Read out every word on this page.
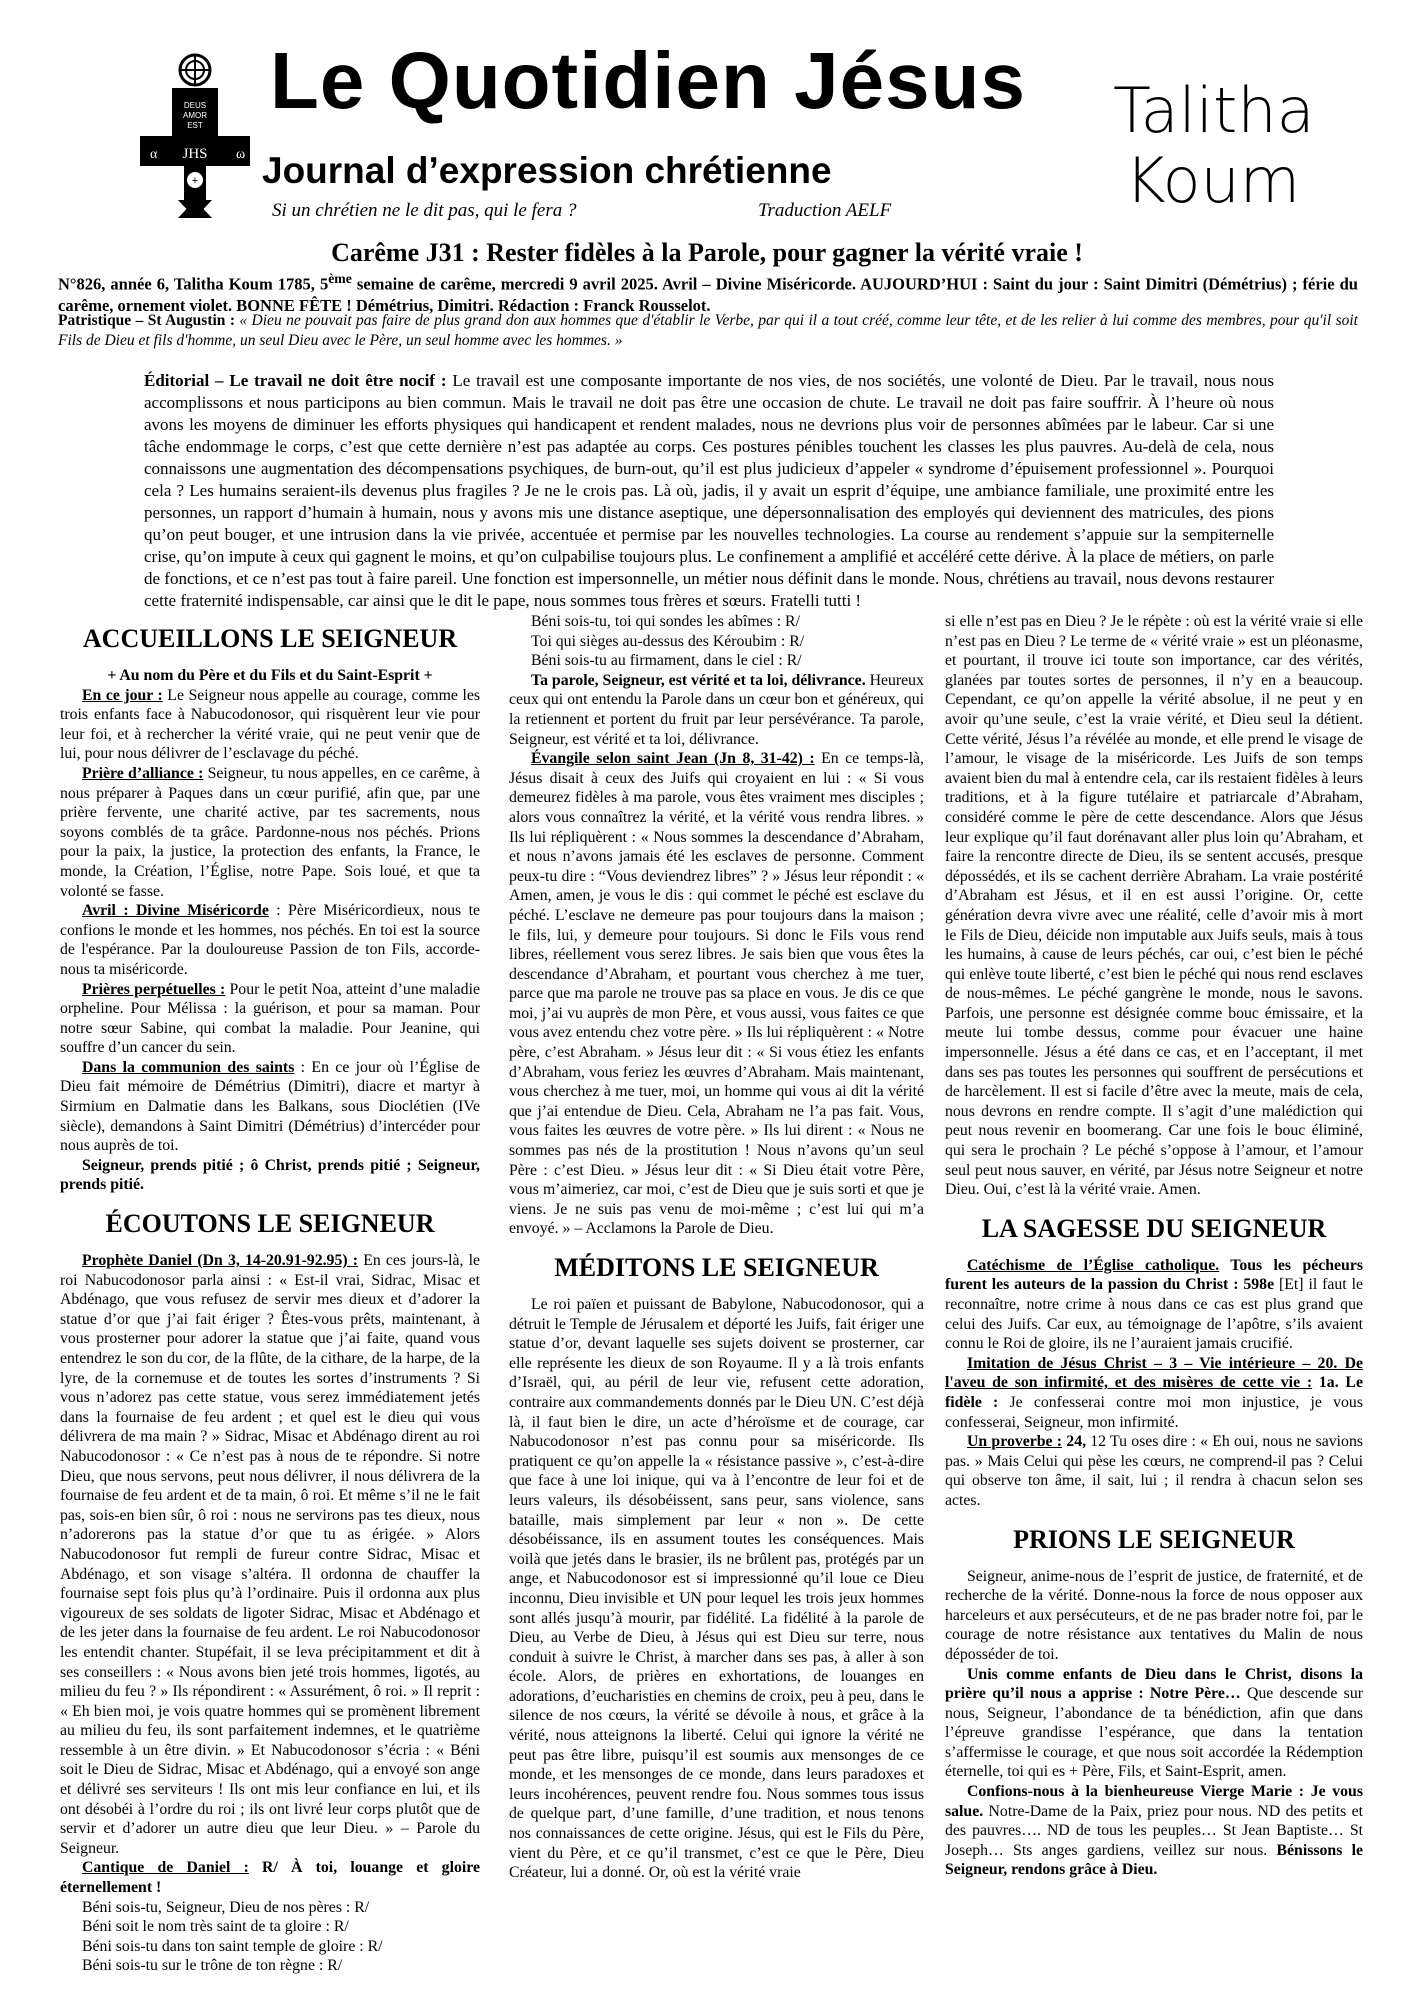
DEUS
AMOR
EST
α JHS ω
+
Le Quotidien Jésus
Journal d’expression chrétienne
Si un chrétien ne le dit pas, qui le fera ?	Traduction AELF
Talitha
Koum
Carême J31 : Rester fidèles à la Parole, pour gagner la vérité vraie !
N°826, année 6, Talitha Koum 1785, 5ème semaine de carême, mercredi 9 avril 2025. Avril – Divine Miséricorde. AUJOURD’HUI : Saint du jour : Saint Dimitri (Démétrius) ; férie du carême, ornement violet. BONNE FÊTE ! Démétrius, Dimitri. Rédaction : Franck Rousselot.
Patristique – St Augustin : « Dieu ne pouvait pas faire de plus grand don aux hommes que d'établir le Verbe, par qui il a tout créé, comme leur tête, et de les relier à lui comme des membres, pour qu'il soit Fils de Dieu et fils d'homme, un seul Dieu avec le Père, un seul homme avec les hommes. »
Éditorial – Le travail ne doit être nocif : Le travail est une composante importante de nos vies, de nos sociétés, une volonté de Dieu. Par le travail, nous nous accomplissons et nous participons au bien commun. Mais le travail ne doit pas être une occasion de chute. Le travail ne doit pas faire souffrir. À l’heure où nous avons les moyens de diminuer les efforts physiques qui handicapent et rendent malades, nous ne devrions plus voir de personnes abîmées par le labeur. Car si une tâche endommage le corps, c’est que cette dernière n’est pas adaptée au corps. Ces postures pénibles touchent les classes les plus pauvres. Au-delà de cela, nous connaissons une augmentation des décompensations psychiques, de burn-out, qu’il est plus judicieux d’appeler « syndrome d’épuisement professionnel ». Pourquoi cela ? Les humains seraient-ils devenus plus fragiles ? Je ne le crois pas. Là où, jadis, il y avait un esprit d’équipe, une ambiance familiale, une proximité entre les personnes, un rapport d’humain à humain, nous y avons mis une distance aseptique, une dépersonnalisation des employés qui deviennent des matricules, des pions qu’on peut bouger, et une intrusion dans la vie privée, accentuée et permise par les nouvelles technologies. La course au rendement s’appuie sur la sempiternelle crise, qu’on impute à ceux qui gagnent le moins, et qu’on culpabilise toujours plus. Le confinement a amplifié et accéléré cette dérive. À la place de métiers, on parle de fonctions, et ce n’est pas tout à faire pareil. Une fonction est impersonnelle, un métier nous définit dans le monde. Nous, chrétiens au travail, nous devons restaurer cette fraternité indispensable, car ainsi que le dit le pape, nous sommes tous frères et sœurs. Fratelli tutti !
ACCUEILLONS LE SEIGNEUR

+ Au nom du Père et du Fils et du Saint-Esprit +

En ce jour : Le Seigneur nous appelle au courage, comme les trois enfants face à Nabucodonosor, qui risquèrent leur vie pour leur foi, et à rechercher la vérité vraie, qui ne peut venir que de lui, pour nous délivrer de l’esclavage du péché.

Prière d’alliance : Seigneur, tu nous appelles, en ce carême, à nous préparer à Paques dans un cœur purifié, afin que, par une prière fervente, une charité active, par tes sacrements, nous soyons comblés de ta grâce. Pardonne-nous nos péchés. Prions pour la paix, la justice, la protection des enfants, la France, le monde, la Création, l’Église, notre Pape. Sois loué, et que ta volonté se fasse.

Avril : Divine Miséricorde : Père Miséricordieux, nous te confions le monde et les hommes, nos péchés. En toi est la source de l'espérance. Par la douloureuse Passion de ton Fils, accorde-nous ta miséricorde.

Prières perpétuelles : Pour le petit Noa, atteint d’une maladie orpheline. Pour Mélissa : la guérison, et pour sa maman. Pour notre sœur Sabine, qui combat la maladie. Pour Jeanine, qui souffre d’un cancer du sein.

Dans la communion des saints : En ce jour où l’Église de Dieu fait mémoire de Démétrius (Dimitri), diacre et martyr à Sirmium en Dalmatie dans les Balkans, sous Dioclétien (IVe siècle), demandons à Saint Dimitri (Démétrius) d’intercéder pour nous auprès de toi.

Seigneur, prends pitié ; ô Christ, prends pitié ; Seigneur, prends pitié.

ÉCOUTONS LE SEIGNEUR

Prophète Daniel (Dn 3, 14-20.91-92.95) : En ces jours-là, le roi Nabucodonosor parla ainsi : « Est-il vrai, Sidrac, Misac et Abdénago, que vous refusez de servir mes dieux et d’adorer la statue d’or que j’ai fait ériger ? Êtes-vous prêts, maintenant, à vous prosterner pour adorer la statue que j’ai faite, quand vous entendrez le son du cor, de la flûte, de la cithare, de la harpe, de la lyre, de la cornemuse et de toutes les sortes d’instruments ? Si vous n’adorez pas cette statue, vous serez immédiatement jetés dans la fournaise de feu ardent ; et quel est le dieu qui vous délivrera de ma main ? » Sidrac, Misac et Abdénago dirent au roi Nabucodonosor : « Ce n’est pas à nous de te répondre. Si notre Dieu, que nous servons, peut nous délivrer, il nous délivrera de la fournaise de feu ardent et de ta main, ô roi. Et même s’il ne le fait pas, sois-en bien sûr, ô roi : nous ne servirons pas tes dieux, nous n’adorerons pas la statue d’or que tu as érigée. » Alors Nabucodonosor fut rempli de fureur contre Sidrac, Misac et Abdénago, et son visage s’altéra. Il ordonna de chauffer la fournaise sept fois plus qu’à l’ordinaire. Puis il ordonna aux plus vigoureux de ses soldats de ligoter Sidrac, Misac et Abdénago et de les jeter dans la fournaise de feu ardent. Le roi Nabucodonosor les entendit chanter. Stupéfait, il se leva précipitamment et dit à ses conseillers : « Nous avons bien jeté trois hommes, ligotés, au milieu du feu ? » Ils répondirent : « Assurément, ô roi. » Il reprit : « Eh bien moi, je vois quatre hommes qui se promènent librement au milieu du feu, ils sont parfaitement indemnes, et le quatrième ressemble à un être divin. » Et Nabucodonosor s’écria : « Béni soit le Dieu de Sidrac, Misac et Abdénago, qui a envoyé son ange et délivré ses serviteurs ! Ils ont mis leur confiance en lui, et ils ont désobéi à l’ordre du roi ; ils ont livré leur corps plutôt que de servir et d’adorer un autre dieu que leur Dieu. » – Parole du Seigneur.

Cantique de Daniel : R/ À toi, louange et gloire éternellement !

Béni sois-tu, Seigneur, Dieu de nos pères : R/

Béni soit le nom très saint de ta gloire : R/

Béni sois-tu dans ton saint temple de gloire : R/

Béni sois-tu sur le trône de ton règne : R/

Béni sois-tu, toi qui sondes les abîmes : R/

Toi qui sièges au-dessus des Kéroubim : R/

Béni sois-tu au firmament, dans le ciel : R/

Ta parole, Seigneur, est vérité et ta loi, délivrance. Heureux ceux qui ont entendu la Parole dans un cœur bon et généreux, qui la retiennent et portent du fruit par leur persévérance. Ta parole, Seigneur, est vérité et ta loi, délivrance.

Évangile selon saint Jean (Jn 8, 31-42) : En ce temps-là, Jésus disait à ceux des Juifs qui croyaient en lui : « Si vous demeurez fidèles à ma parole, vous êtes vraiment mes disciples ; alors vous connaîtrez la vérité, et la vérité vous rendra libres. » Ils lui répliquèrent : « Nous sommes la descendance d’Abraham, et nous n’avons jamais été les esclaves de personne. Comment peux-tu dire : “Vous deviendrez libres” ? » Jésus leur répondit : « Amen, amen, je vous le dis : qui commet le péché est esclave du péché. L’esclave ne demeure pas pour toujours dans la maison ; le fils, lui, y demeure pour toujours. Si donc le Fils vous rend libres, réellement vous serez libres. Je sais bien que vous êtes la descendance d’Abraham, et pourtant vous cherchez à me tuer, parce que ma parole ne trouve pas sa place en vous. Je dis ce que moi, j’ai vu auprès de mon Père, et vous aussi, vous faites ce que vous avez entendu chez votre père. » Ils lui répliquèrent : « Notre père, c’est Abraham. » Jésus leur dit : « Si vous étiez les enfants d’Abraham, vous feriez les œuvres d’Abraham. Mais maintenant, vous cherchez à me tuer, moi, un homme qui vous ai dit la vérité que j’ai entendue de Dieu. Cela, Abraham ne l’a pas fait. Vous, vous faites les œuvres de votre père. » Ils lui dirent : « Nous ne sommes pas nés de la prostitution ! Nous n’avons qu’un seul Père : c’est Dieu. » Jésus leur dit : « Si Dieu était votre Père, vous m’aimeriez, car moi, c’est de Dieu que je suis sorti et que je viens. Je ne suis pas venu de moi-même ; c’est lui qui m’a envoyé. » – Acclamons la Parole de Dieu.

MÉDITONS LE SEIGNEUR

Le roi païen et puissant de Babylone, Nabucodonosor, qui a détruit le Temple de Jérusalem et déporté les Juifs, fait ériger une statue d’or, devant laquelle ses sujets doivent se prosterner, car elle représente les dieux de son Royaume. Il y a là trois enfants d’Israël, qui, au péril de leur vie, refusent cette adoration, contraire aux commandements donnés par le Dieu UN. C’est déjà là, il faut bien le dire, un acte d’héroïsme et de courage, car Nabucodonosor n’est pas connu pour sa miséricorde. Ils pratiquent ce qu’on appelle la « résistance passive », c’est-à-dire que face à une loi inique, qui va à l’encontre de leur foi et de leurs valeurs, ils désobéissent, sans peur, sans violence, sans bataille, mais simplement par leur « non ». De cette désobéissance, ils en assument toutes les conséquences. Mais voilà que jetés dans le brasier, ils ne brûlent pas, protégés par un ange, et Nabucodonosor est si impressionné qu’il loue ce Dieu inconnu, Dieu invisible et UN pour lequel les trois jeux hommes sont allés jusqu’à mourir, par fidélité. La fidélité à la parole de Dieu, au Verbe de Dieu, à Jésus qui est Dieu sur terre, nous conduit à suivre le Christ, à marcher dans ses pas, à aller à son école. Alors, de prières en exhortations, de louanges en adorations, d’eucharisties en chemins de croix, peu à peu, dans le silence de nos cœurs, la vérité se dévoile à nous, et grâce à la vérité, nous atteignons la liberté. Celui qui ignore la vérité ne peut pas être libre, puisqu’il est soumis aux mensonges de ce monde, et les mensonges de ce monde, dans leurs paradoxes et leurs incohérences, peuvent rendre fou. Nous sommes tous issus de quelque part, d’une famille, d’une tradition, et nous tenons nos connaissances de cette origine. Jésus, qui est le Fils du Père, vient du Père, et ce qu’il transmet, c’est ce que le Père, Dieu Créateur, lui a donné. Or, où est la vérité vraie

si elle n’est pas en Dieu ? Je le répète : où est la vérité vraie si elle n’est pas en Dieu ? Le terme de « vérité vraie » est un pléonasme, et pourtant, il trouve ici toute son importance, car des vérités, glanées par toutes sortes de personnes, il n’y en a beaucoup. Cependant, ce qu’on appelle la vérité absolue, il ne peut y en avoir qu’une seule, c’est la vraie vérité, et Dieu seul la détient. Cette vérité, Jésus l’a révélée au monde, et elle prend le visage de l’amour, le visage de la miséricorde. Les Juifs de son temps avaient bien du mal à entendre cela, car ils restaient fidèles à leurs traditions, et à la figure tutélaire et patriarcale d’Abraham, considéré comme le père de cette descendance. Alors que Jésus leur explique qu’il faut dorénavant aller plus loin qu’Abraham, et faire la rencontre directe de Dieu, ils se sentent accusés, presque dépossédés, et ils se cachent derrière Abraham. La vraie postérité d’Abraham est Jésus, et il en est aussi l’origine. Or, cette génération devra vivre avec une réalité, celle d’avoir mis à mort le Fils de Dieu, déicide non imputable aux Juifs seuls, mais à tous les humains, à cause de leurs péchés, car oui, c’est bien le péché qui enlève toute liberté, c’est bien le péché qui nous rend esclaves de nous-mêmes. Le péché gangrène le monde, nous le savons. Parfois, une personne est désignée comme bouc émissaire, et la meute lui tombe dessus, comme pour évacuer une haine impersonnelle. Jésus a été dans ce cas, et en l’acceptant, il met dans ses pas toutes les personnes qui souffrent de persécutions et de harcèlement. Il est si facile d’être avec la meute, mais de cela, nous devrons en rendre compte. Il s’agit d’une malédiction qui peut nous revenir en boomerang. Car une fois le bouc éliminé, qui sera le prochain ? Le péché s’oppose à l’amour, et l’amour seul peut nous sauver, en vérité, par Jésus notre Seigneur et notre Dieu. Oui, c’est là la vérité vraie. Amen.

LA SAGESSE DU SEIGNEUR

Catéchisme de l’Église catholique. Tous les pécheurs furent les auteurs de la passion du Christ : 598e [Et] il faut le reconnaître, notre crime à nous dans ce cas est plus grand que celui des Juifs. Car eux, au témoignage de l’apôtre, s’ils avaient connu le Roi de gloire, ils ne l’auraient jamais crucifié.

Imitation de Jésus Christ – 3 – Vie intérieure – 20. De l'aveu de son infirmité, et des misères de cette vie : 1a. Le fidèle : Je confesserai contre moi mon injustice, je vous confesserai, Seigneur, mon infirmité.

Un proverbe : 24, 12 Tu oses dire : « Eh oui, nous ne savions pas. » Mais Celui qui pèse les cœurs, ne comprend-il pas ? Celui qui observe ton âme, il sait, lui ; il rendra à chacun selon ses actes.

PRIONS LE SEIGNEUR

Seigneur, anime-nous de l’esprit de justice, de fraternité, et de recherche de la vérité. Donne-nous la force de nous opposer aux harceleurs et aux persécuteurs, et de ne pas brader notre foi, par le courage de notre résistance aux tentatives du Malin de nous déposséder de toi.

Unis comme enfants de Dieu dans le Christ, disons la prière qu’il nous a apprise : Notre Père… Que descende sur nous, Seigneur, l’abondance de ta bénédiction, afin que dans l’épreuve grandisse l’espérance, que dans la tentation s’affermisse le courage, et que nous soit accordée la Rédemption éternelle, toi qui es + Père, Fils, et Saint-Esprit, amen.

Confions-nous à la bienheureuse Vierge Marie : Je vous salue. Notre-Dame de la Paix, priez pour nous. ND des petits et des pauvres…. ND de tous les peuples… St Jean Baptiste… St Joseph… Sts anges gardiens, veillez sur nous. Bénissons le Seigneur, rendons grâce à Dieu.
